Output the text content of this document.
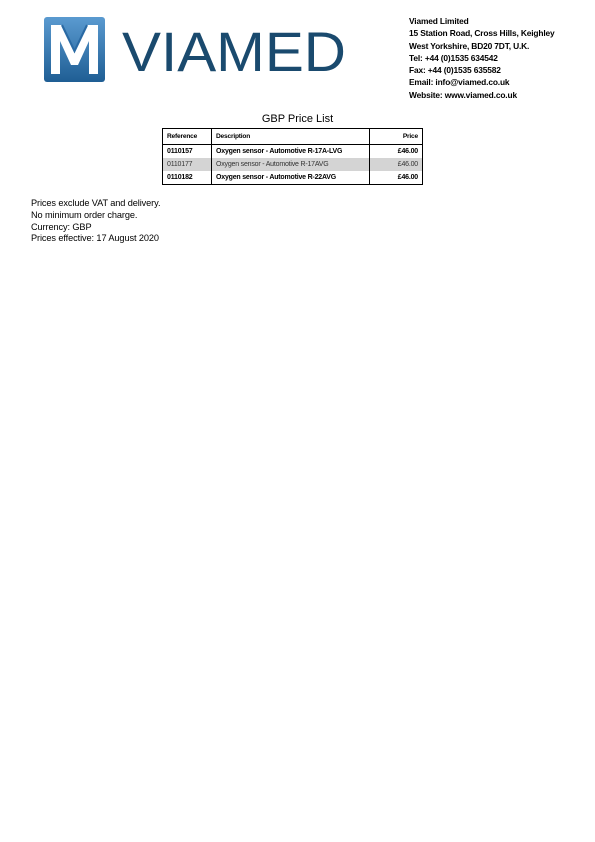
VIAMED	Viamed Limited
15 Station Road, Cross Hills, Keighley
West Yorkshire, BD20 7DT, U.K.
Tel: +44 (0)1535 634542
Fax: +44 (0)1535 635582
Email: info@viamed.co.uk
Website: www.viamed.co.uk
GBP Price List
Reference	Description	Price
0110157	Oxygen sensor - Automotive R-17A-LVG	£46.00
0110177	Oxygen sensor - Automotive R-17AVG	£46.00
0110182	Oxygen sensor - Automotive R-22AVG	£46.00
Prices exclude VAT and delivery.
No minimum order charge.
Currency: GBP
Prices effective: 17 August 2020
